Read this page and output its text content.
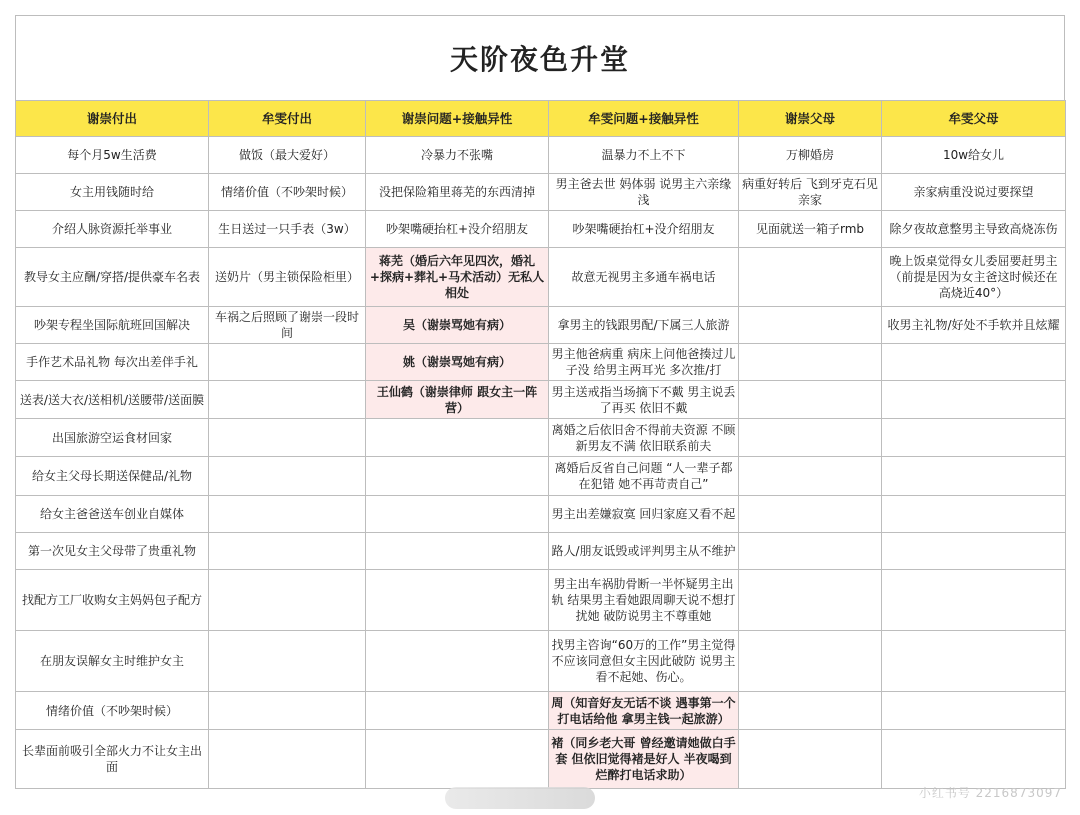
天阶夜色升堂
谢崇付出	牟雯付出	谢崇问题+接触异性	牟雯问题+接触异性	谢崇父母	牟雯父母
每个月5w生活费	做饭（最大爱好）	冷暴力不张嘴	温暴力不上不下	万柳婚房	10w给女儿
女主用钱随时给	情绪价值（不吵架时候）	没把保险箱里蒋芜的东西清掉	男主爸去世 妈体弱 说男主六亲缘浅	病重好转后 飞到牙克石见亲家	亲家病重没说过要探望
介绍人脉资源托举事业	生日送过一只手表（3w）	吵架嘴硬抬杠+没介绍朋友	吵架嘴硬抬杠+没介绍朋友	见面就送一箱子rmb	除夕夜故意整男主导致高烧冻伤
教导女主应酬/穿搭/提供豪车名表	送奶片（男主锁保险柜里）	蒋芜（婚后六年见四次，婚礼+探病+葬礼+马术活动）无私人相处	故意无视男主多通车祸电话		晚上饭桌觉得女儿委屈要赶男主（前提是因为女主爸这时候还在高烧近40°）
吵架专程坐国际航班回国解决	车祸之后照顾了谢崇一段时间	吴（谢崇骂她有病）	拿男主的钱跟男配/下属三人旅游		收男主礼物/好处不手软并且炫耀
手作艺术品礼物 每次出差伴手礼		姚（谢崇骂她有病）	男主他爸病重 病床上问他爸揍过儿子没 给男主两耳光 多次推/打		
送表/送大衣/送相机/送腰带/送面膜		王仙鹤（谢崇律师 跟女主一阵营）	男主送戒指当场摘下不戴 男主说丢了再买 依旧不戴		
出国旅游空运食材回家			离婚之后依旧舍不得前夫资源 不顾新男友不满 依旧联系前夫		
给女主父母长期送保健品/礼物			离婚后反省自己问题 “人一辈子都在犯错 她不再苛责自己”		
给女主爸爸送车创业自媒体			男主出差嫌寂寞 回归家庭又看不起		
第一次见女主父母带了贵重礼物			路人/朋友诋毁或评判男主从不维护		
找配方工厂收购女主妈妈包子配方			男主出车祸肋骨断一半怀疑男主出轨 结果男主看她跟周聊天说不想打扰她 破防说男主不尊重她		
在朋友误解女主时维护女主			找男主咨询“60万的工作”男主觉得不应该同意但女主因此破防 说男主看不起她、伤心。		
情绪价值（不吵架时候）			周（知音好友无话不谈 遇事第一个打电话给他 拿男主钱一起旅游）		
长辈面前吸引全部火力不让女主出面			褚（同乡老大哥 曾经邀请她做白手套 但依旧觉得褚是好人 半夜喝到烂醉打电话求助）		
小红书号 2216873097
